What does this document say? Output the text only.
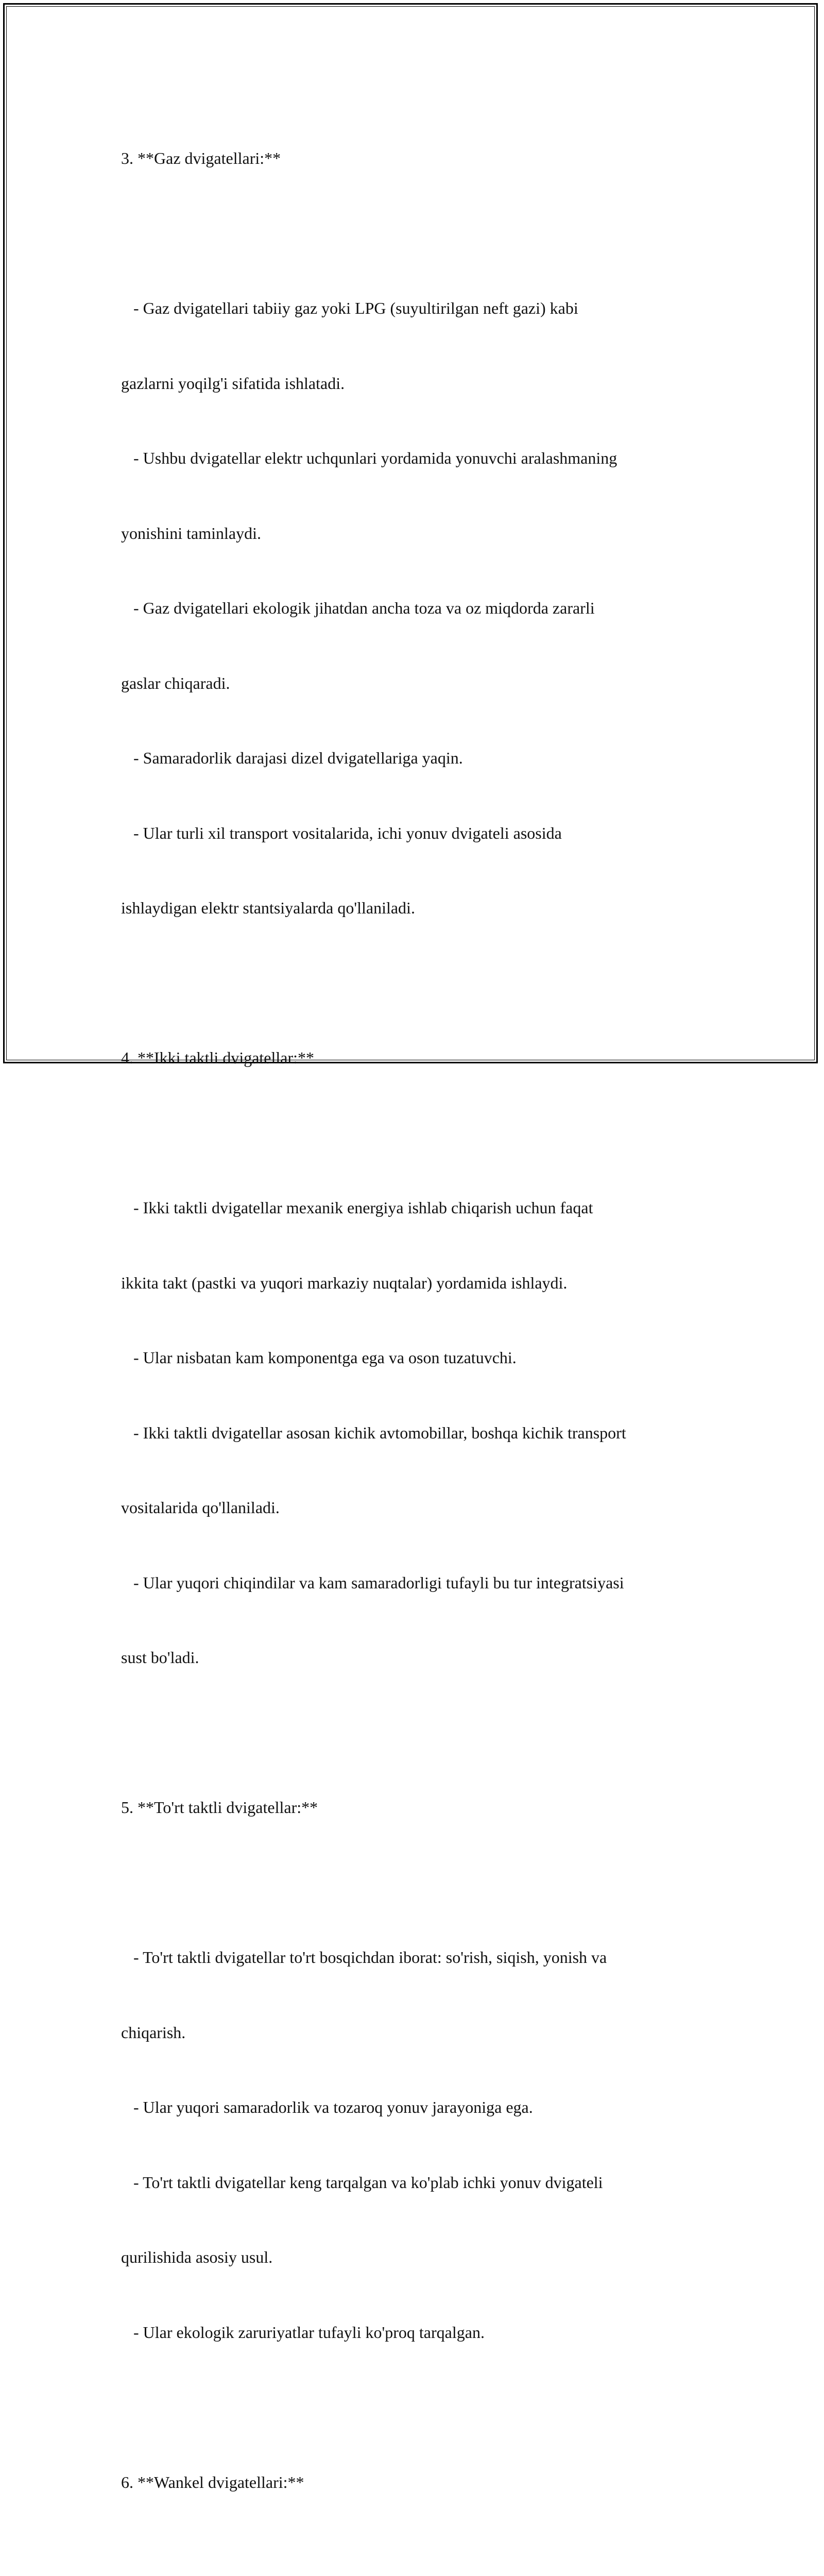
3. **Gaz dvigatellari:**

- Gaz dvigatellari tabiiy gaz yoki LPG (suyultirilgan neft gazi) kabi

gazlarni yoqilg'i sifatida ishlatadi.

- Ushbu dvigatellar elektr uchqunlari yordamida yonuvchi aralashmaning

yonishini taminlaydi.

- Gaz dvigatellari ekologik jihatdan ancha toza va oz miqdorda zararli

gaslar chiqaradi.

- Samaradorlik darajasi dizel dvigatellariga yaqin.

- Ular turli xil transport vositalarida, ichi yonuv dvigateli asosida

ishlaydigan elektr stantsiyalarda qo'llaniladi.

4. **Ikki taktli dvigatellar:**

- Ikki taktli dvigatellar mexanik energiya ishlab chiqarish uchun faqat

ikkita takt (pastki va yuqori markaziy nuqtalar) yordamida ishlaydi.

- Ular nisbatan kam komponentga ega va oson tuzatuvchi.

- Ikki taktli dvigatellar asosan kichik avtomobillar, boshqa kichik transport

vositalarida qo'llaniladi.

- Ular yuqori chiqindilar va kam samaradorligi tufayli bu tur integratsiyasi

sust bo'ladi.

5. **To'rt taktli dvigatellar:**

- To'rt taktli dvigatellar to'rt bosqichdan iborat: so'rish, siqish, yonish va

chiqarish.

- Ular yuqori samaradorlik va tozaroq yonuv jarayoniga ega.

- To'rt taktli dvigatellar keng tarqalgan va ko'plab ichki yonuv dvigateli

qurilishida asosiy usul.

- Ular ekologik zaruriyatlar tufayli ko'proq tarqalgan.

6. **Wankel dvigatellari:**
